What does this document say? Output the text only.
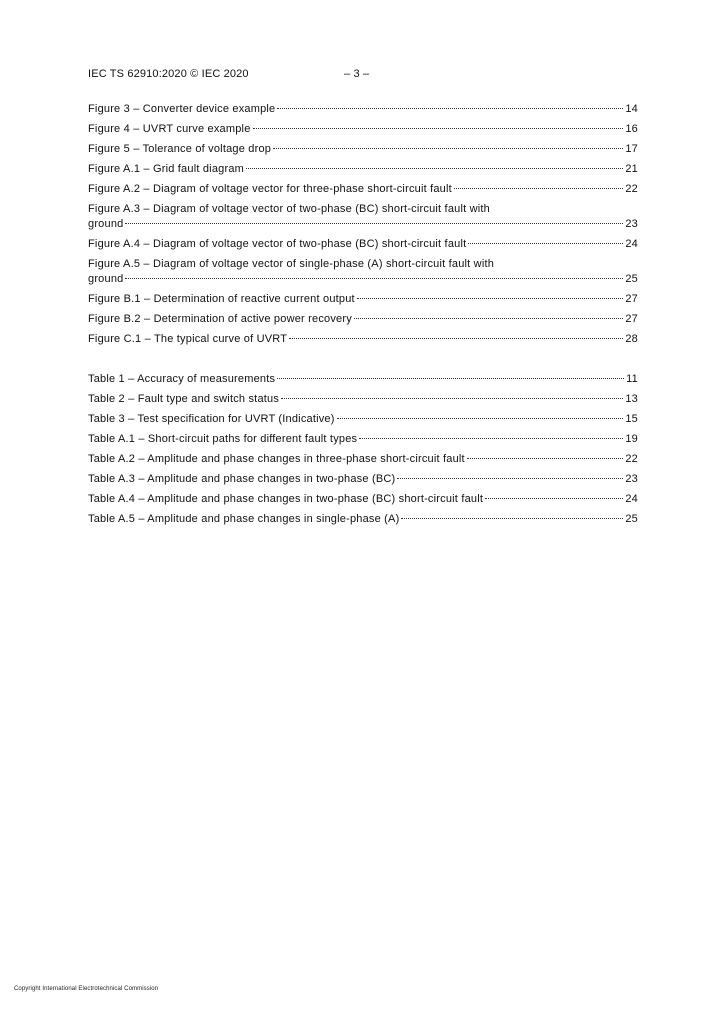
IEC TS 62910:2020 © IEC 2020	– 3 –
Figure 3 – Converter device example	14
Figure 4 – UVRT curve example	16
Figure 5 – Tolerance of voltage drop	17
Figure A.1 – Grid fault diagram	21
Figure A.2 – Diagram of voltage vector for three-phase short-circuit fault	22
Figure A.3 – Diagram of voltage vector of two-phase (BC) short-circuit fault with
ground	23
Figure A.4 – Diagram of voltage vector of two-phase (BC) short-circuit fault	24
Figure A.5 – Diagram of voltage vector of single-phase (A) short-circuit fault with
ground	25
Figure B.1 – Determination of reactive current output	27
Figure B.2 – Determination of active power recovery	27
Figure C.1 – The typical curve of UVRT	28
Table 1 – Accuracy of measurements	11
Table 2 – Fault type and switch status	13
Table 3 – Test specification for UVRT (Indicative)	15
Table A.1 – Short-circuit paths for different fault types	19
Table A.2 – Amplitude and phase changes in three-phase short-circuit fault	22
Table A.3 – Amplitude and phase changes in two-phase (BC)	23
Table A.4 – Amplitude and phase changes in two-phase (BC) short-circuit fault	24
Table A.5 – Amplitude and phase changes in single-phase (A)	25
Copyright International Electrotechnical Commission
